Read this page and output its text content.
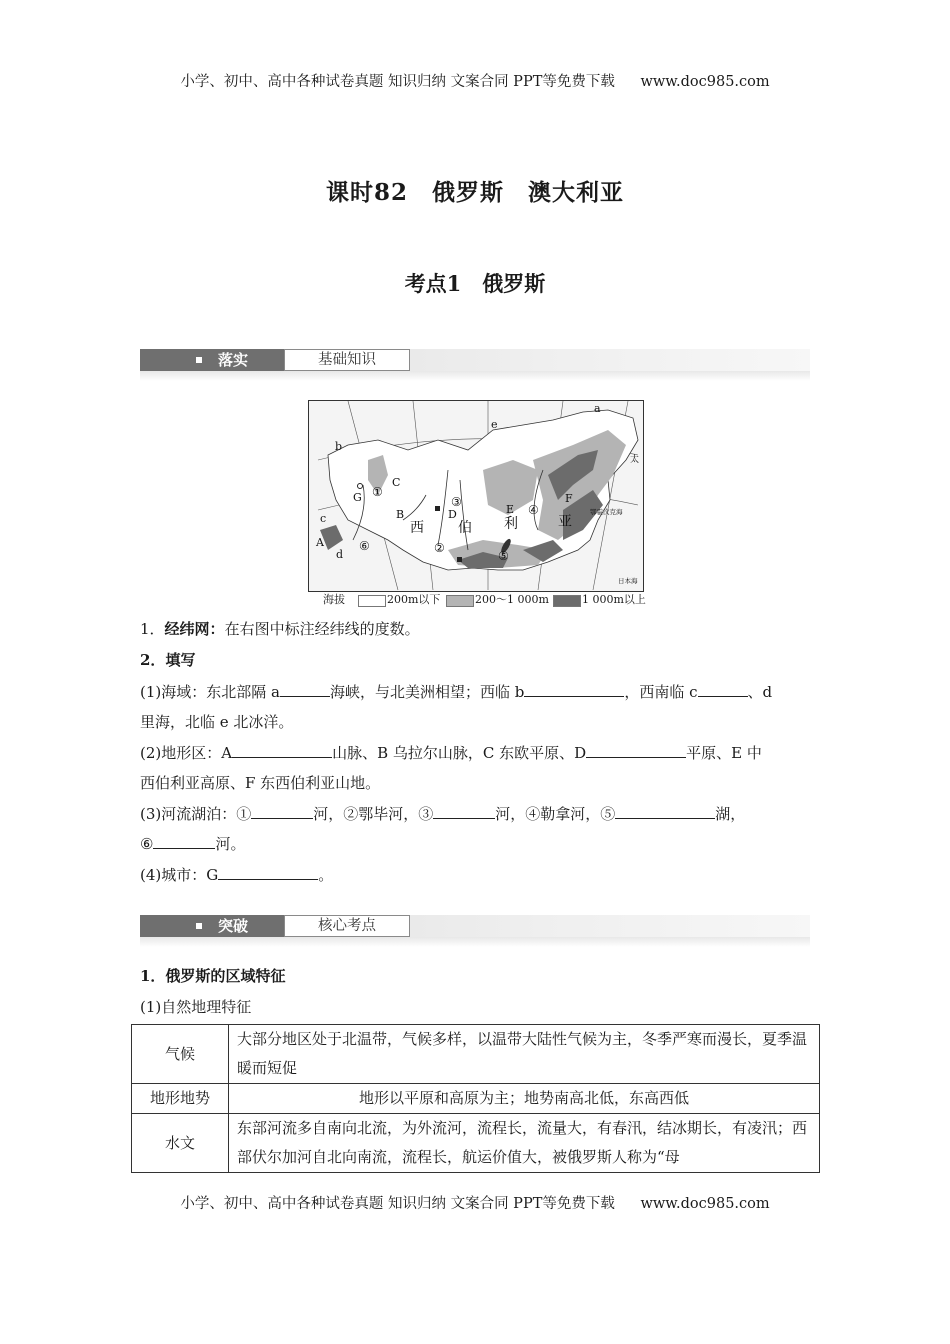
小学、初中、高中各种试卷真题 知识归纳 文案合同 PPT等免费下载 www.doc985.com
课时82　俄罗斯　澳大利亚
考点1　俄罗斯
落实	基础知识
a
b
c
d
e
A
B
C
D	E
F
G ①
②
③
④
⑤
⑥
西 伯 利	亚
鄂霍次克海
日本海
太
海拔	200m以下	200～1 000m	1 000m以上
1．经纬网：在右图中标注经纬线的度数。
2．填写
(1)海域：东北部隔 a	海峡，与北美洲相望；西临 b	，西南临 c	、d
里海，北临 e 北冰洋。
(2)地形区：A	山脉、B 乌拉尔山脉，C 东欧平原、D	平原、E 中
西伯利亚高原、F 东西伯利亚山地。
(3)河流湖泊：①	河，②鄂毕河，③	河，④勒拿河，⑤	湖，
⑥	河。
(4)城市：G	。
突破	核心考点
1．俄罗斯的区域特征
(1)自然地理特征
气候	大部分地区处于北温带，气候多样，以温带大陆性气候为主，冬季严寒而漫长，夏季温暖而短促
地形地势	地形以平原和高原为主；地势南高北低，东高西低
水文	东部河流多自南向北流，为外流河，流程长，流量大，有春汛，结冰期长，有凌汛；西部伏尔加河自北向南流，流程长，航运价值大，被俄罗斯人称为“母
小学、初中、高中各种试卷真题 知识归纳 文案合同 PPT等免费下载 www.doc985.com
